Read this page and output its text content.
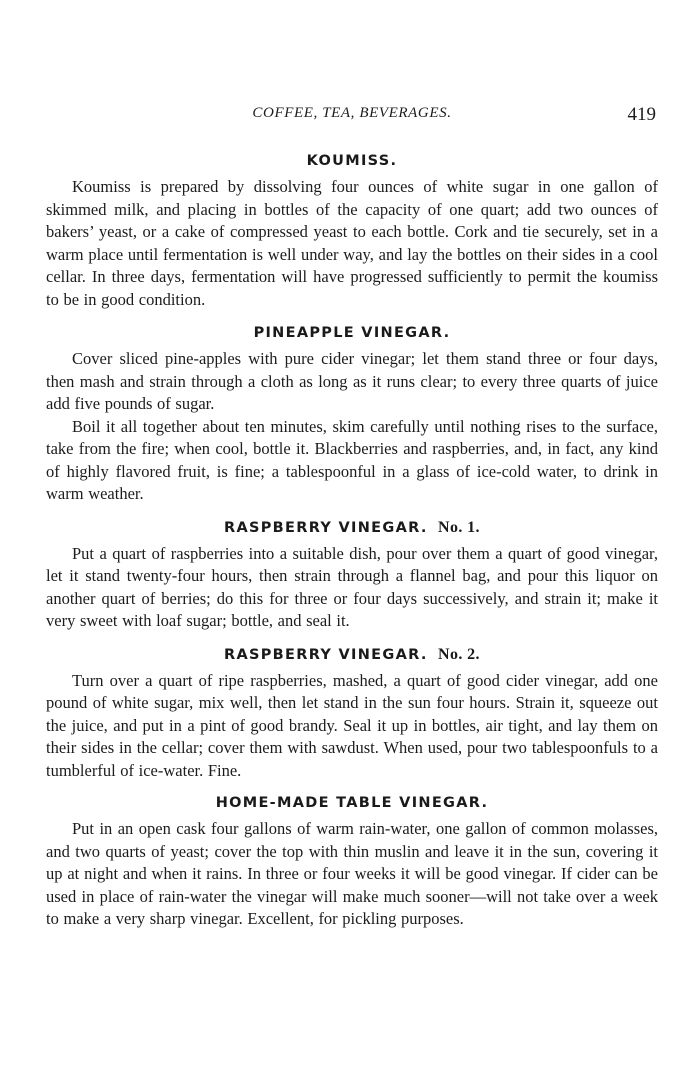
COFFEE, TEA, BEVERAGES.	419
KOUMISS.

Koumiss is prepared by dissolving four ounces of white sugar in one gallon of skimmed milk, and placing in bottles of the capacity of one quart; add two ounces of bakers’ yeast, or a cake of compressed yeast to each bottle. Cork and tie securely, set in a warm place until fermentation is well under way, and lay the bottles on their sides in a cool cellar. In three days, fermentation will have progressed sufficiently to permit the koumiss to be in good condition.

PINEAPPLE VINEGAR.

Cover sliced pine-apples with pure cider vinegar; let them stand three or four days, then mash and strain through a cloth as long as it runs clear; to every three quarts of juice add five pounds of sugar.

Boil it all together about ten minutes, skim carefully until nothing rises to the surface, take from the fire; when cool, bottle it. Blackberries and raspberries, and, in fact, any kind of highly flavored fruit, is fine; a tablespoonful in a glass of ice-cold water, to drink in warm weather.

RASPBERRY VINEGAR. No. 1.

Put a quart of raspberries into a suitable dish, pour over them a quart of good vinegar, let it stand twenty-four hours, then strain through a flannel bag, and pour this liquor on another quart of berries; do this for three or four days successively, and strain it; make it very sweet with loaf sugar; bottle, and seal it.

RASPBERRY VINEGAR. No. 2.

Turn over a quart of ripe raspberries, mashed, a quart of good cider vinegar, add one pound of white sugar, mix well, then let stand in the sun four hours. Strain it, squeeze out the juice, and put in a pint of good brandy. Seal it up in bottles, air tight, and lay them on their sides in the cellar; cover them with sawdust. When used, pour two tablespoonfuls to a tumblerful of ice-water. Fine.

HOME-MADE TABLE VINEGAR.

Put in an open cask four gallons of warm rain-water, one gallon of common molasses, and two quarts of yeast; cover the top with thin muslin and leave it in the sun, covering it up at night and when it rains. In three or four weeks it will be good vinegar. If cider can be used in place of rain-water the vinegar will make much sooner—will not take over a week to make a very sharp vinegar. Excellent, for pickling purposes.
